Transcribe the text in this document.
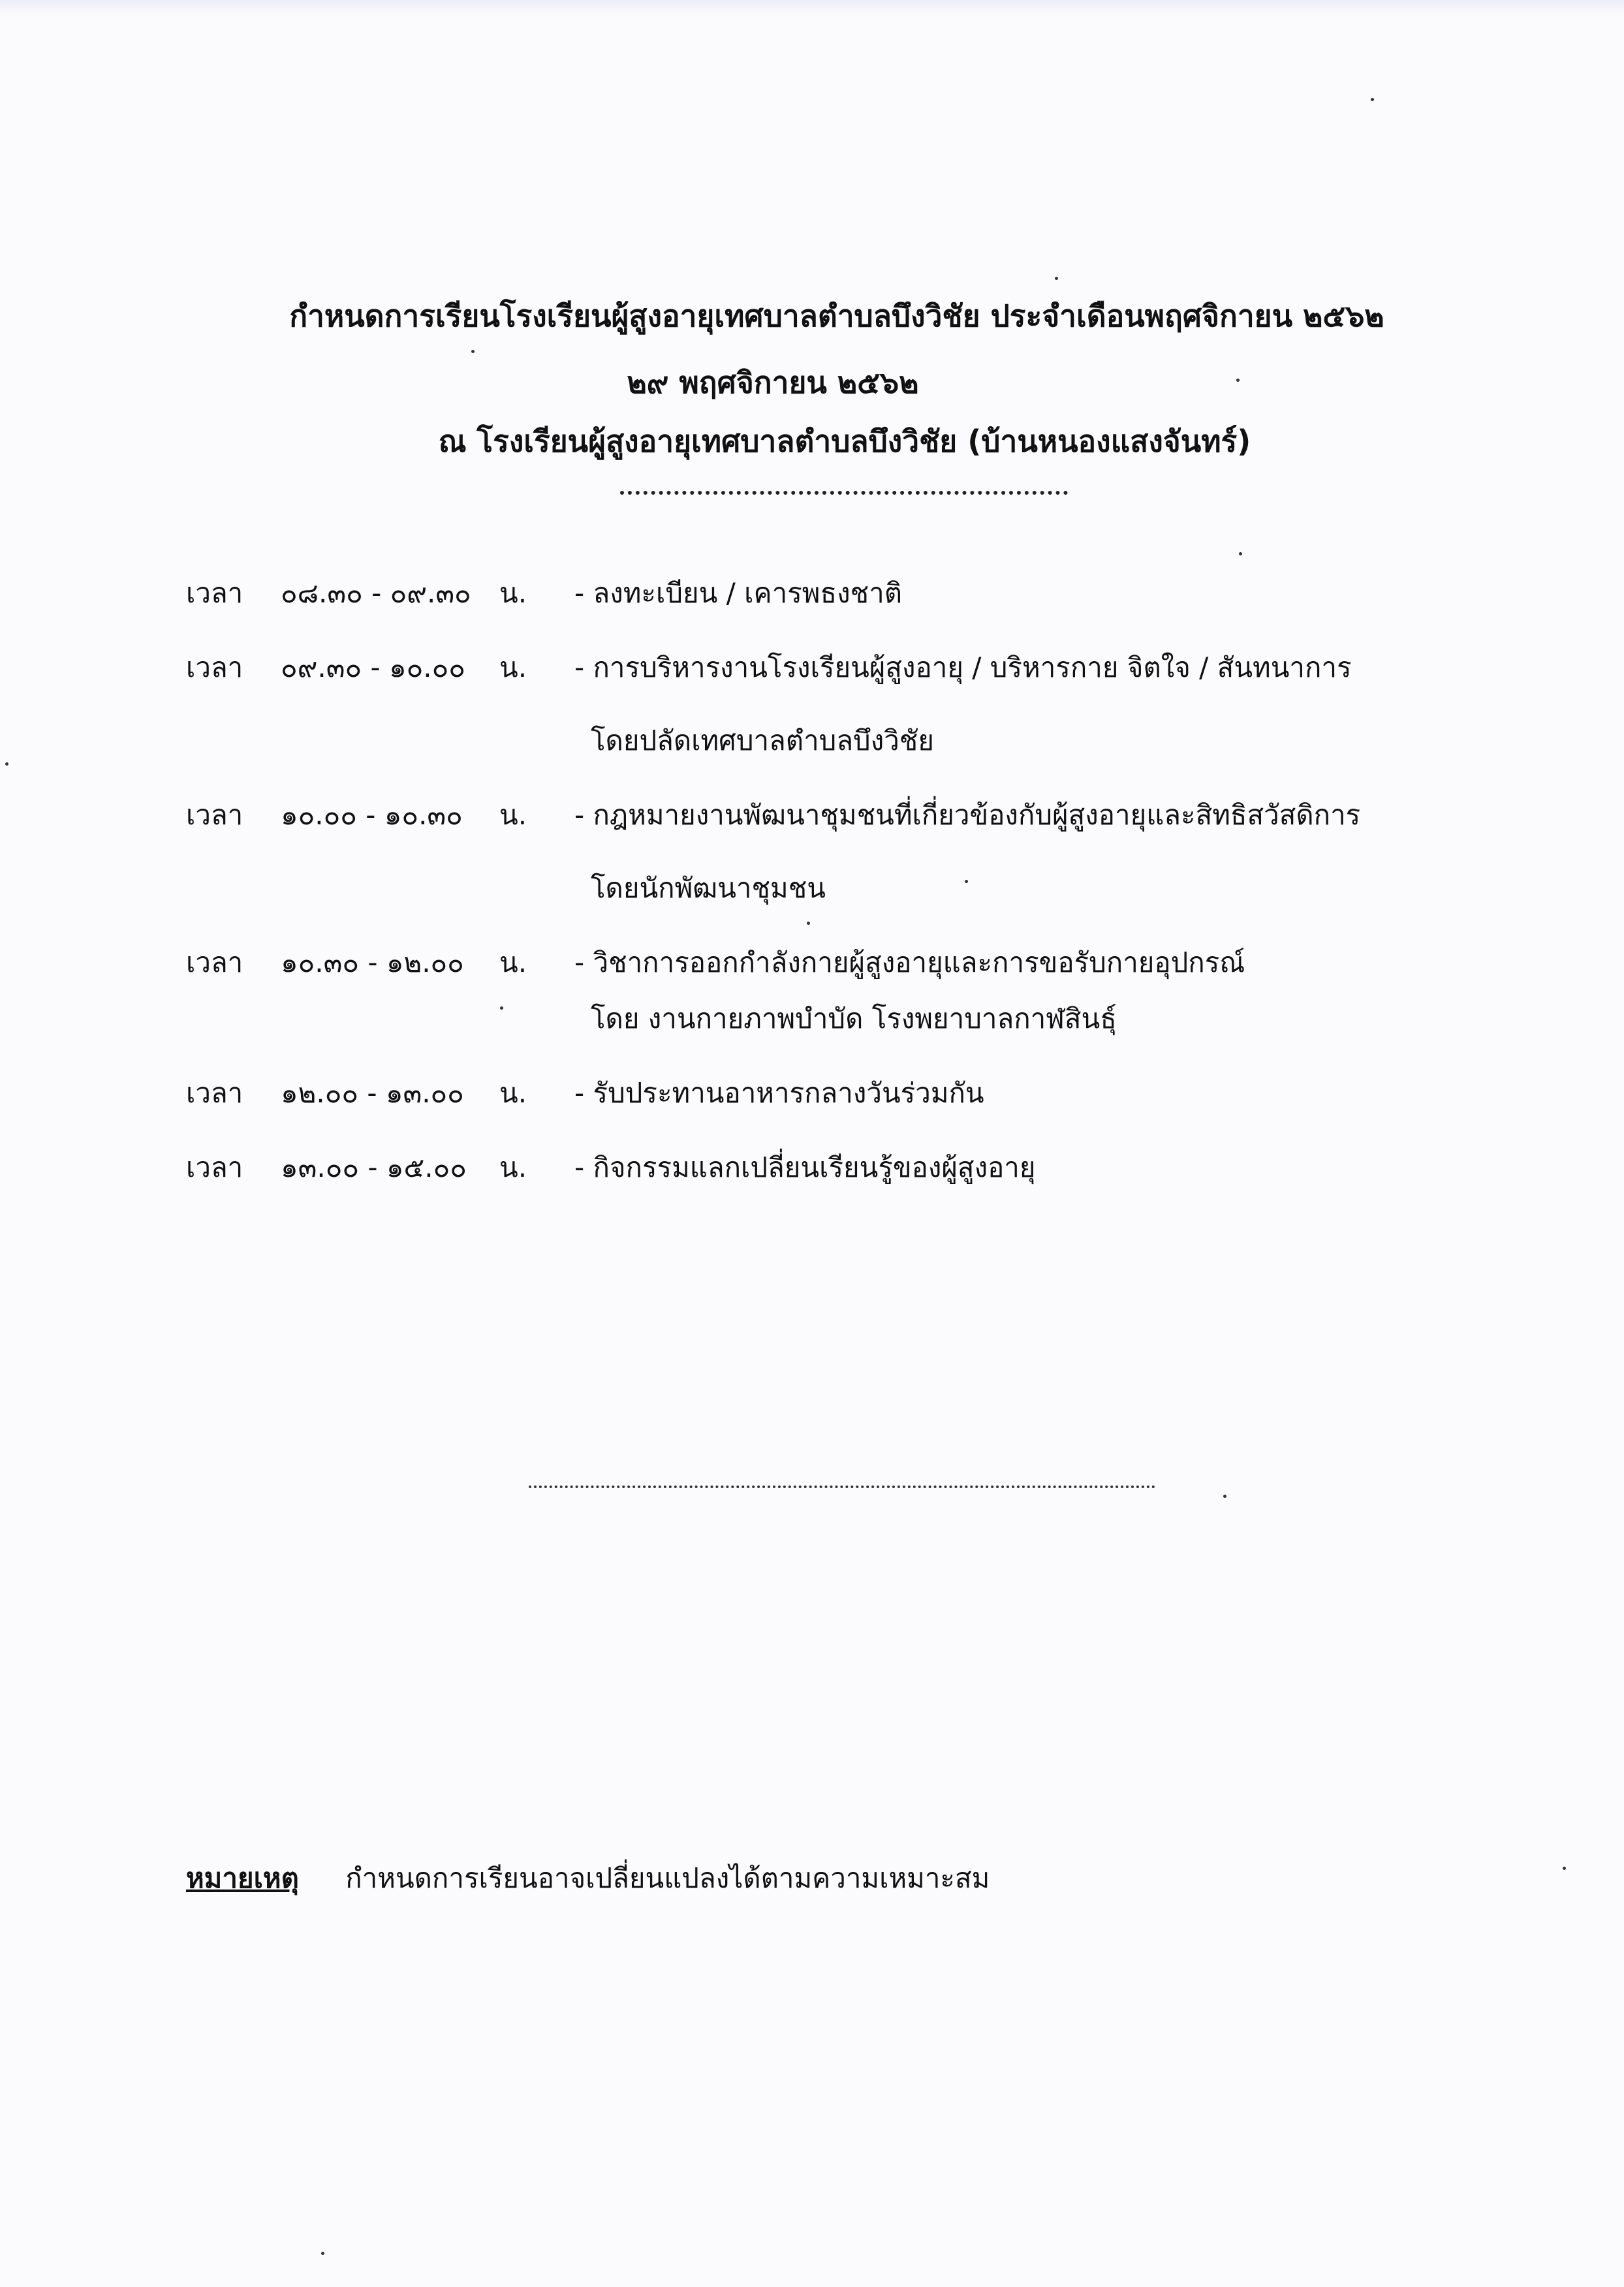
กำหนดการเรียนโรงเรียนผู้สูงอายุเทศบาลตำบลบึงวิชัย ประจำเดือนพฤศจิกายน ๒๕๖๒
๒๙ พฤศจิกายน ๒๕๖๒
ณ โรงเรียนผู้สูงอายุเทศบาลตำบลบึงวิชัย (บ้านหนองแสงจันทร์)
เวลา ๐๘.๓๐ - ๐๙.๓๐ น. - ลงทะเบียน / เคารพธงชาติ
เวลา ๐๙.๓๐ - ๑๐.๐๐ น. - การบริหารงานโรงเรียนผู้สูงอายุ / บริหารกาย จิตใจ / สันทนาการ
โดยปลัดเทศบาลตำบลบึงวิชัย
เวลา ๑๐.๐๐ - ๑๐.๓๐ น. - กฎหมายงานพัฒนาชุมชนที่เกี่ยวข้องกับผู้สูงอายุและสิทธิสวัสดิการ
โดยนักพัฒนาชุมชน
เวลา ๑๐.๓๐ - ๑๒.๐๐ น. - วิชาการออกกำลังกายผู้สูงอายุและการขอรับกายอุปกรณ์
โดย งานกายภาพบำบัด โรงพยาบาลกาฬสินธุ์
เวลา ๑๒.๐๐ - ๑๓.๐๐ น. - รับประทานอาหารกลางวันร่วมกัน
เวลา ๑๓.๐๐ - ๑๕.๐๐ น. - กิจกรรมแลกเปลี่ยนเรียนรู้ของผู้สูงอายุ
หมายเหตุ กำหนดการเรียนอาจเปลี่ยนแปลงได้ตามความเหมาะสม
